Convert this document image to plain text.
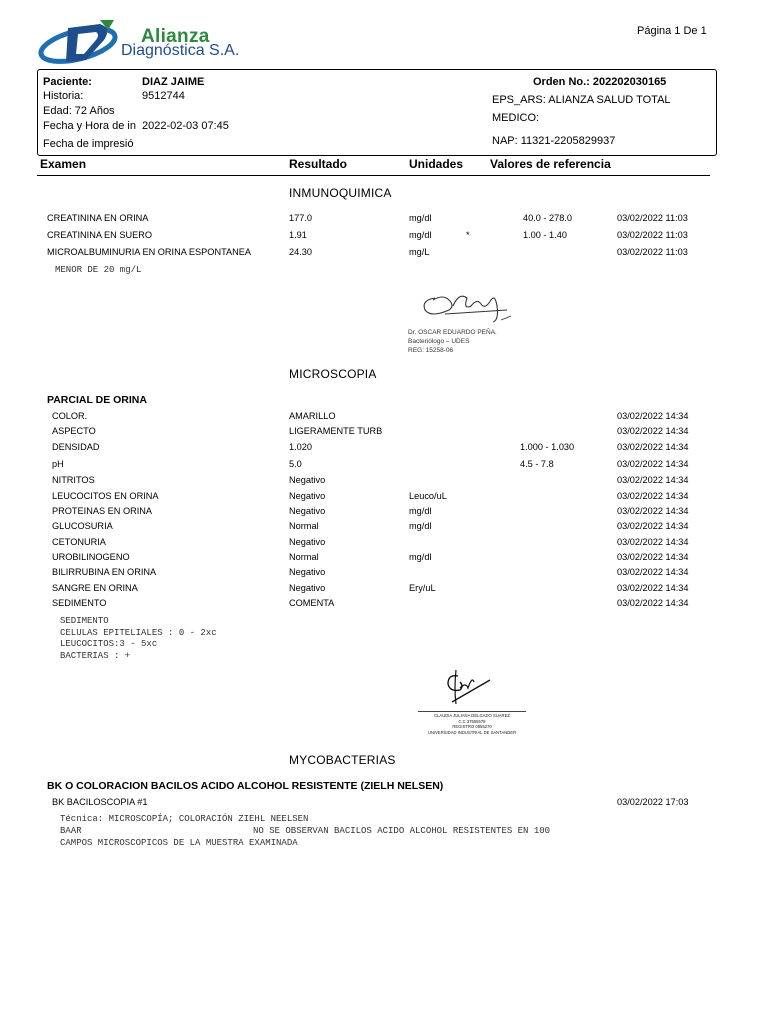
Alianza
Diagnóstica S.A.
Página 1 De 1
Paciente:	DIAZ JAIME
Historia:	9512744
Edad: 72 Años
Fecha y Hora de in 2022-02-03 07:45
Fecha de impresió
Orden No.: 202202030165
EPS_ARS: ALIANZA SALUD TOTAL
MEDICO:
NAP: 11321-2205829937
Examen	Resultado	Unidades Valores de referencia
INMUNOQUIMICA
CREATININA EN ORINA	177.0	mg/dl	40.0 - 278.0	03/02/2022 11:03
CREATININA EN SUERO	1.91	mg/dl	*	1.00 - 1.40	03/02/2022 11:03
MICROALBUMINURIA EN ORINA ESPONTANEA	24.30	mg/L	03/02/2022 11:03
MENOR DE 20 mg/L
Dr. OSCAR EDUARDO PEÑA.
Bacteriólogo – UDES
REG: 15258-06
MICROSCOPIA
PARCIAL DE ORINA
COLOR.	AMARILLO	03/02/2022 14:34
ASPECTO	LIGERAMENTE TURB	03/02/2022 14:34
DENSIDAD	1.020	1.000 - 1.030	03/02/2022 14:34
pH	5.0	4.5 - 7.8	03/02/2022 14:34
NITRITOS	Negativo	03/02/2022 14:34
LEUCOCITOS EN ORINA	Negativo	Leuco/uL	03/02/2022 14:34
PROTEINAS EN ORINA	Negativo	mg/dl	03/02/2022 14:34
GLUCOSURIA	Normal	mg/dl	03/02/2022 14:34
CETONURIA	Negativo	03/02/2022 14:34
UROBILINOGENO	Normal	mg/dl	03/02/2022 14:34
BILIRRUBINA EN ORINA	Negativo	03/02/2022 14:34
SANGRE EN ORINA	Negativo	Ery/uL	03/02/2022 14:34
SEDIMENTO	COMENTA	03/02/2022 14:34
SEDIMENTO
CELULAS EPITELIALES : 0 - 2xc
LEUCOCITOS:3 - 5xc
BACTERIAS : +
CLAUDIA JULIANA DELGADO SUAREZ
C.C 37555578
REGISTRO 0855270
UNIVERSIDAD INDUSTRIAL DE SANTANDER
MYCOBACTERIAS
BK O COLORACION BACILOS ACIDO ALCOHOL RESISTENTE (ZIELH NELSEN)
BK BACILOSCOPIA #1	03/02/2022 17:03
Técnica: MICROSCOPÍA; COLORACIÓN ZIEHL NEELSEN
BAAR	NO SE OBSERVAN BACILOS ACIDO ALCOHOL RESISTENTES EN 100
CAMPOS MICROSCOPICOS DE LA MUESTRA EXAMINADA
